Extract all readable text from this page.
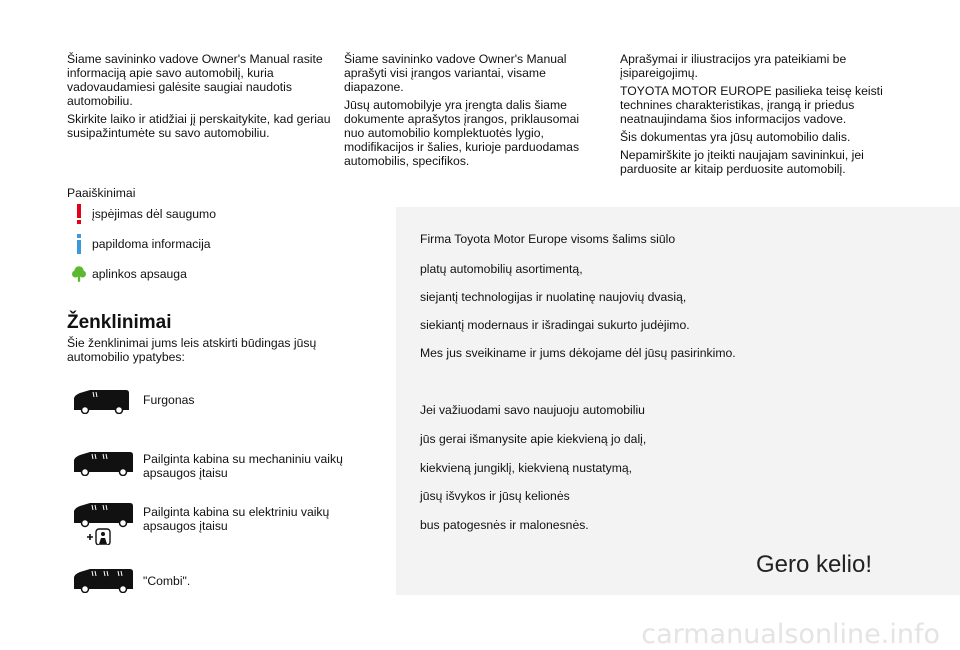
Šiame savininko vadove Owner's Manual rasite informaciją apie savo automobilį, kuria vadovaudamiesi galėsite saugiai naudotis automobiliu.

Skirkite laiko ir atidžiai jį perskaitykite, kad geriau susipažintumėte su savo automobiliu.

Šiame savininko vadove Owner's Manual aprašyti visi įrangos variantai, visame diapazone.

Jūsų automobilyje yra įrengta dalis šiame dokumente aprašytos įrangos, priklausomai nuo automobilio komplektuotės lygio, modifikacijos ir šalies, kurioje parduodamas automobilis, specifikos.

Aprašymai ir iliustracijos yra pateikiami be įsipareigojimų.

TOYOTA MOTOR EUROPE pasilieka teisę keisti technines charakteristikas, įrangą ir priedus neatnaujindama šios informacijos vadove.

Šis dokumentas yra jūsų automobilio dalis.

Nepamirškite jo įteikti naujajam savininkui, jei parduosite ar kitaip perduosite automobilį.

Paaiškinimai
įspėjimas dėl saugumo
papildoma informacija
aplinkos apsauga
Ženklinimai
Šie ženklinimai jums leis atskirti būdingas jūsų automobilio ypatybes:
Furgonas
Pailginta kabina su mechaniniu vaikų apsaugos įtaisu
Pailginta kabina su elektriniu vaikų apsaugos įtaisu
"Combi".
Firma Toyota Motor Europe visoms šalims siūlo
platų automobilių asortimentą,
siejantį technologijas ir nuolatinę naujovių dvasią,
siekiantį modernaus ir išradingai sukurto judėjimo.
Mes jus sveikiname ir jums dėkojame dėl jūsų pasirinkimo.
Jei važiuodami savo naujuoju automobiliu
jūs gerai išmanysite apie kiekvieną jo dalį,
kiekvieną jungiklį, kiekvieną nustatymą,
jūsų išvykos ir jūsų kelionės
bus patogesnės ir malonesnės.
Gero kelio!
carmanualsonline.info
